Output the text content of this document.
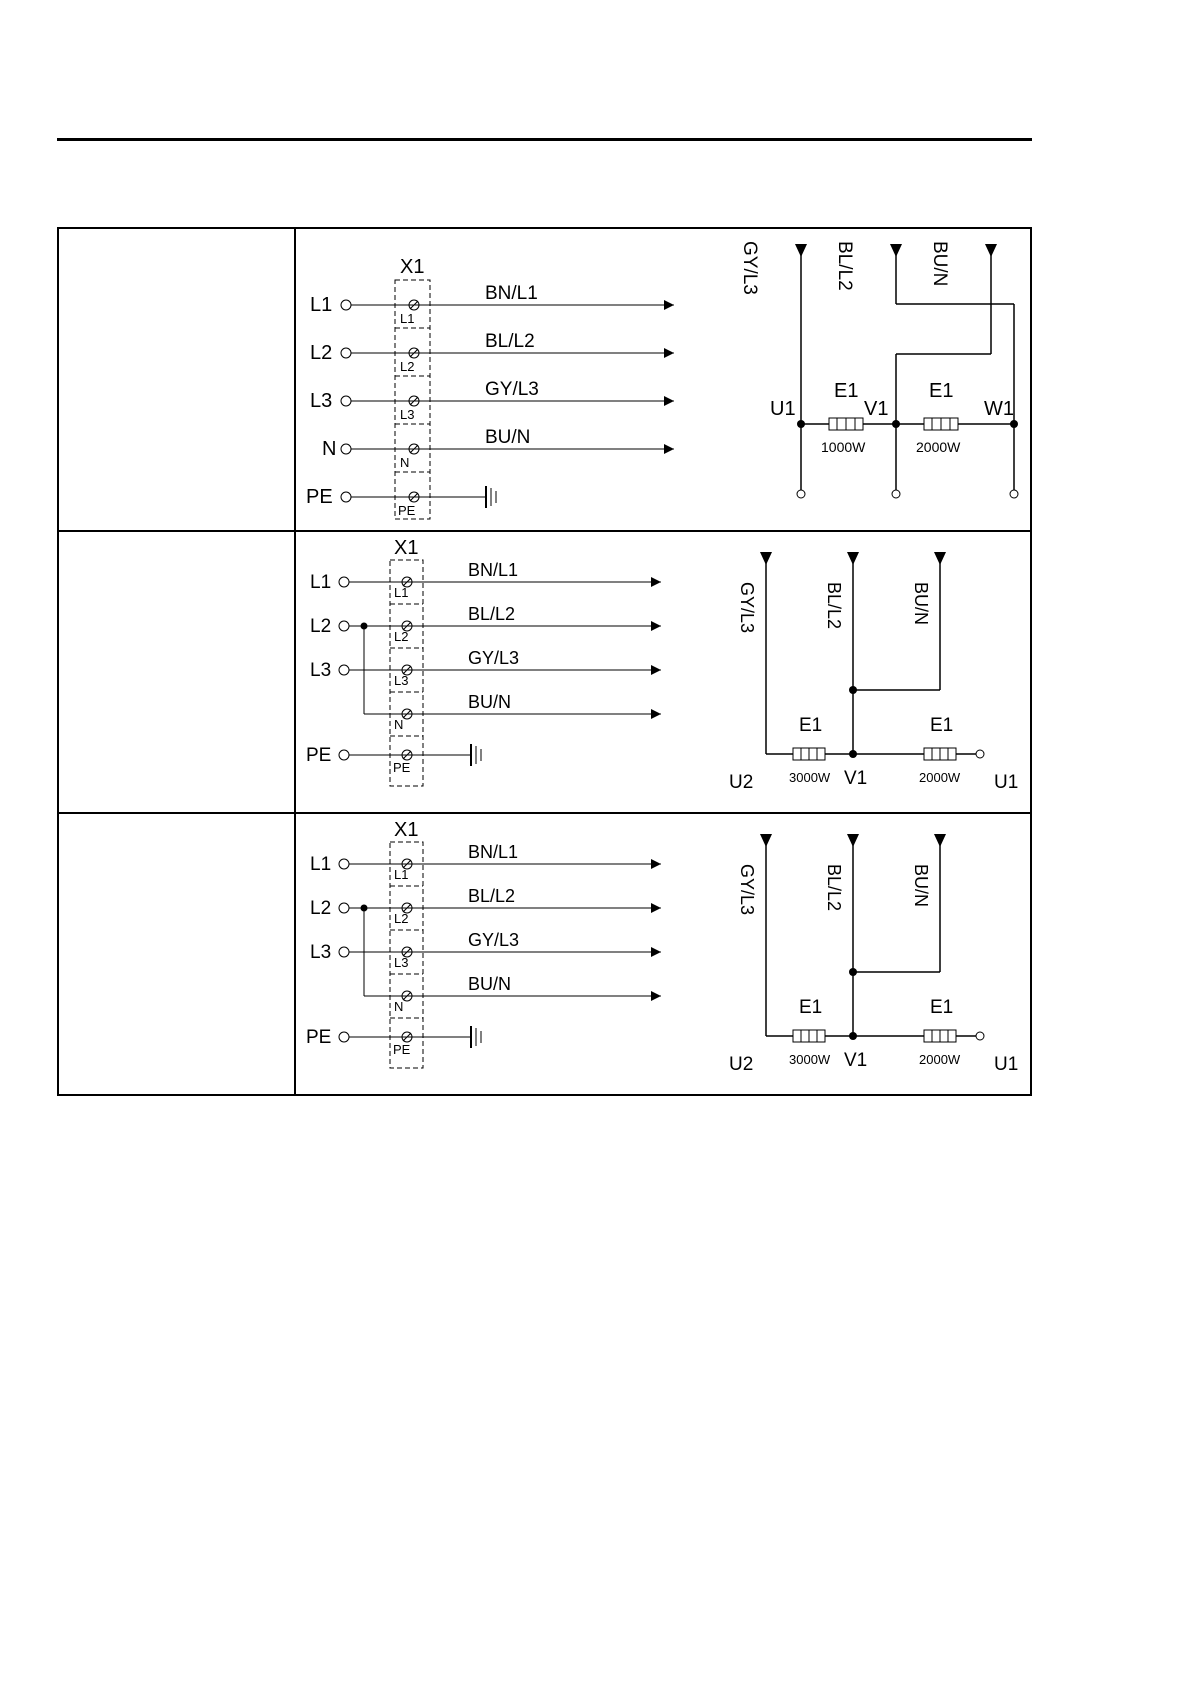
X1
L1
BN/L1
L1
L2
BL/L2
L2
L3
GY/L3
L3
N
BU/N
N
PE
PE
GY/L3	BL/L2	BU/N
U1	V1	W1
E1	E1
1000W	2000W
X1
L1
BN/L1
L1
L2
BL/L2
L2
L3
GY/L3
L3
BU/N
N
PE
PE
GY/L3	BL/L2	BU/N
E1	E1
3000W	2000W
U2	V1	U1
X1
L1
BN/L1
L1
L2
BL/L2
L2
L3
GY/L3
L3
BU/N
N
PE
PE
GY/L3	BL/L2	BU/N
E1	E1
3000W	2000W
U2	V1	U1
